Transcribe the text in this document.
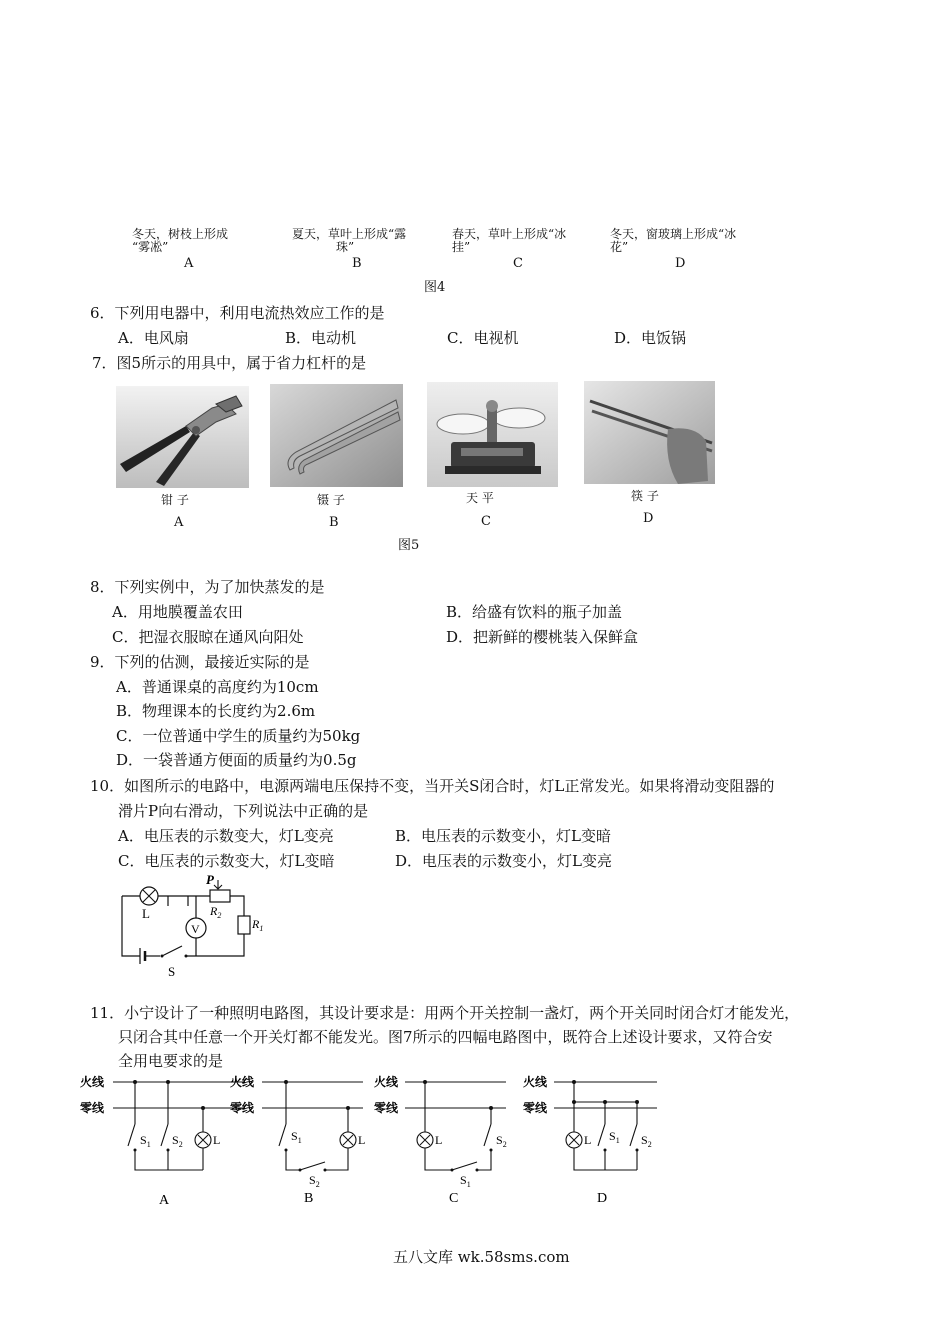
冬天，树枝上形成
“雾凇”
夏天，草叶上形成“露
珠”
春天，草叶上形成“冰
挂”
冬天，窗玻璃上形成“冰
花”
A	B	C	D
图4
6．下列用电器中，利用电流热效应工作的是
A．电风扇	B．电动机	C．电视机	D．电饭锅
7．图5所示的用具中，属于省力杠杆的是
钳 子	镊 子	天 平	筷 子
A	B	C	D
图5
8．下列实例中，为了加快蒸发的是
A．用地膜覆盖农田	B．给盛有饮料的瓶子加盖
C．把湿衣服晾在通风向阳处	D．把新鲜的樱桃装入保鲜盒
9．下列的估测，最接近实际的是
A．普通课桌的高度约为10cm
B．物理课本的长度约为2.6m
C．一位普通中学生的质量约为50kg
D．一袋普通方便面的质量约为0.5g
10．如图所示的电路中，电源两端电压保持不变，当开关S闭合时，灯L正常发光。如果将滑动变阻器的
滑片P向右滑动，下列说法中正确的是
A．电压表的示数变大，灯L变亮	B．电压表的示数变小，灯L变暗
C．电压表的示数变大，灯L变暗	D．电压表的示数变小，灯L变亮
L
P
$R_2$
$R_1$
V
S
11．小宁设计了一种照明电路图，其设计要求是：用两个开关控制一盏灯，两个开关同时闭合灯才能发光，
只闭合其中任意一个开关灯都不能发光。图7所示的四幅电路图中，既符合上述设计要求，又符合安
全用电要求的是
火线
零线
火线
零线
火线
零线
火线
零线
L	L	L	L
$S_1$ $S_2$
$S_1$
$S_2$
$S_2$
$S_1$
$S_1$ $S_2$
A	B	C	D
五八文库 wk.58sms.com
